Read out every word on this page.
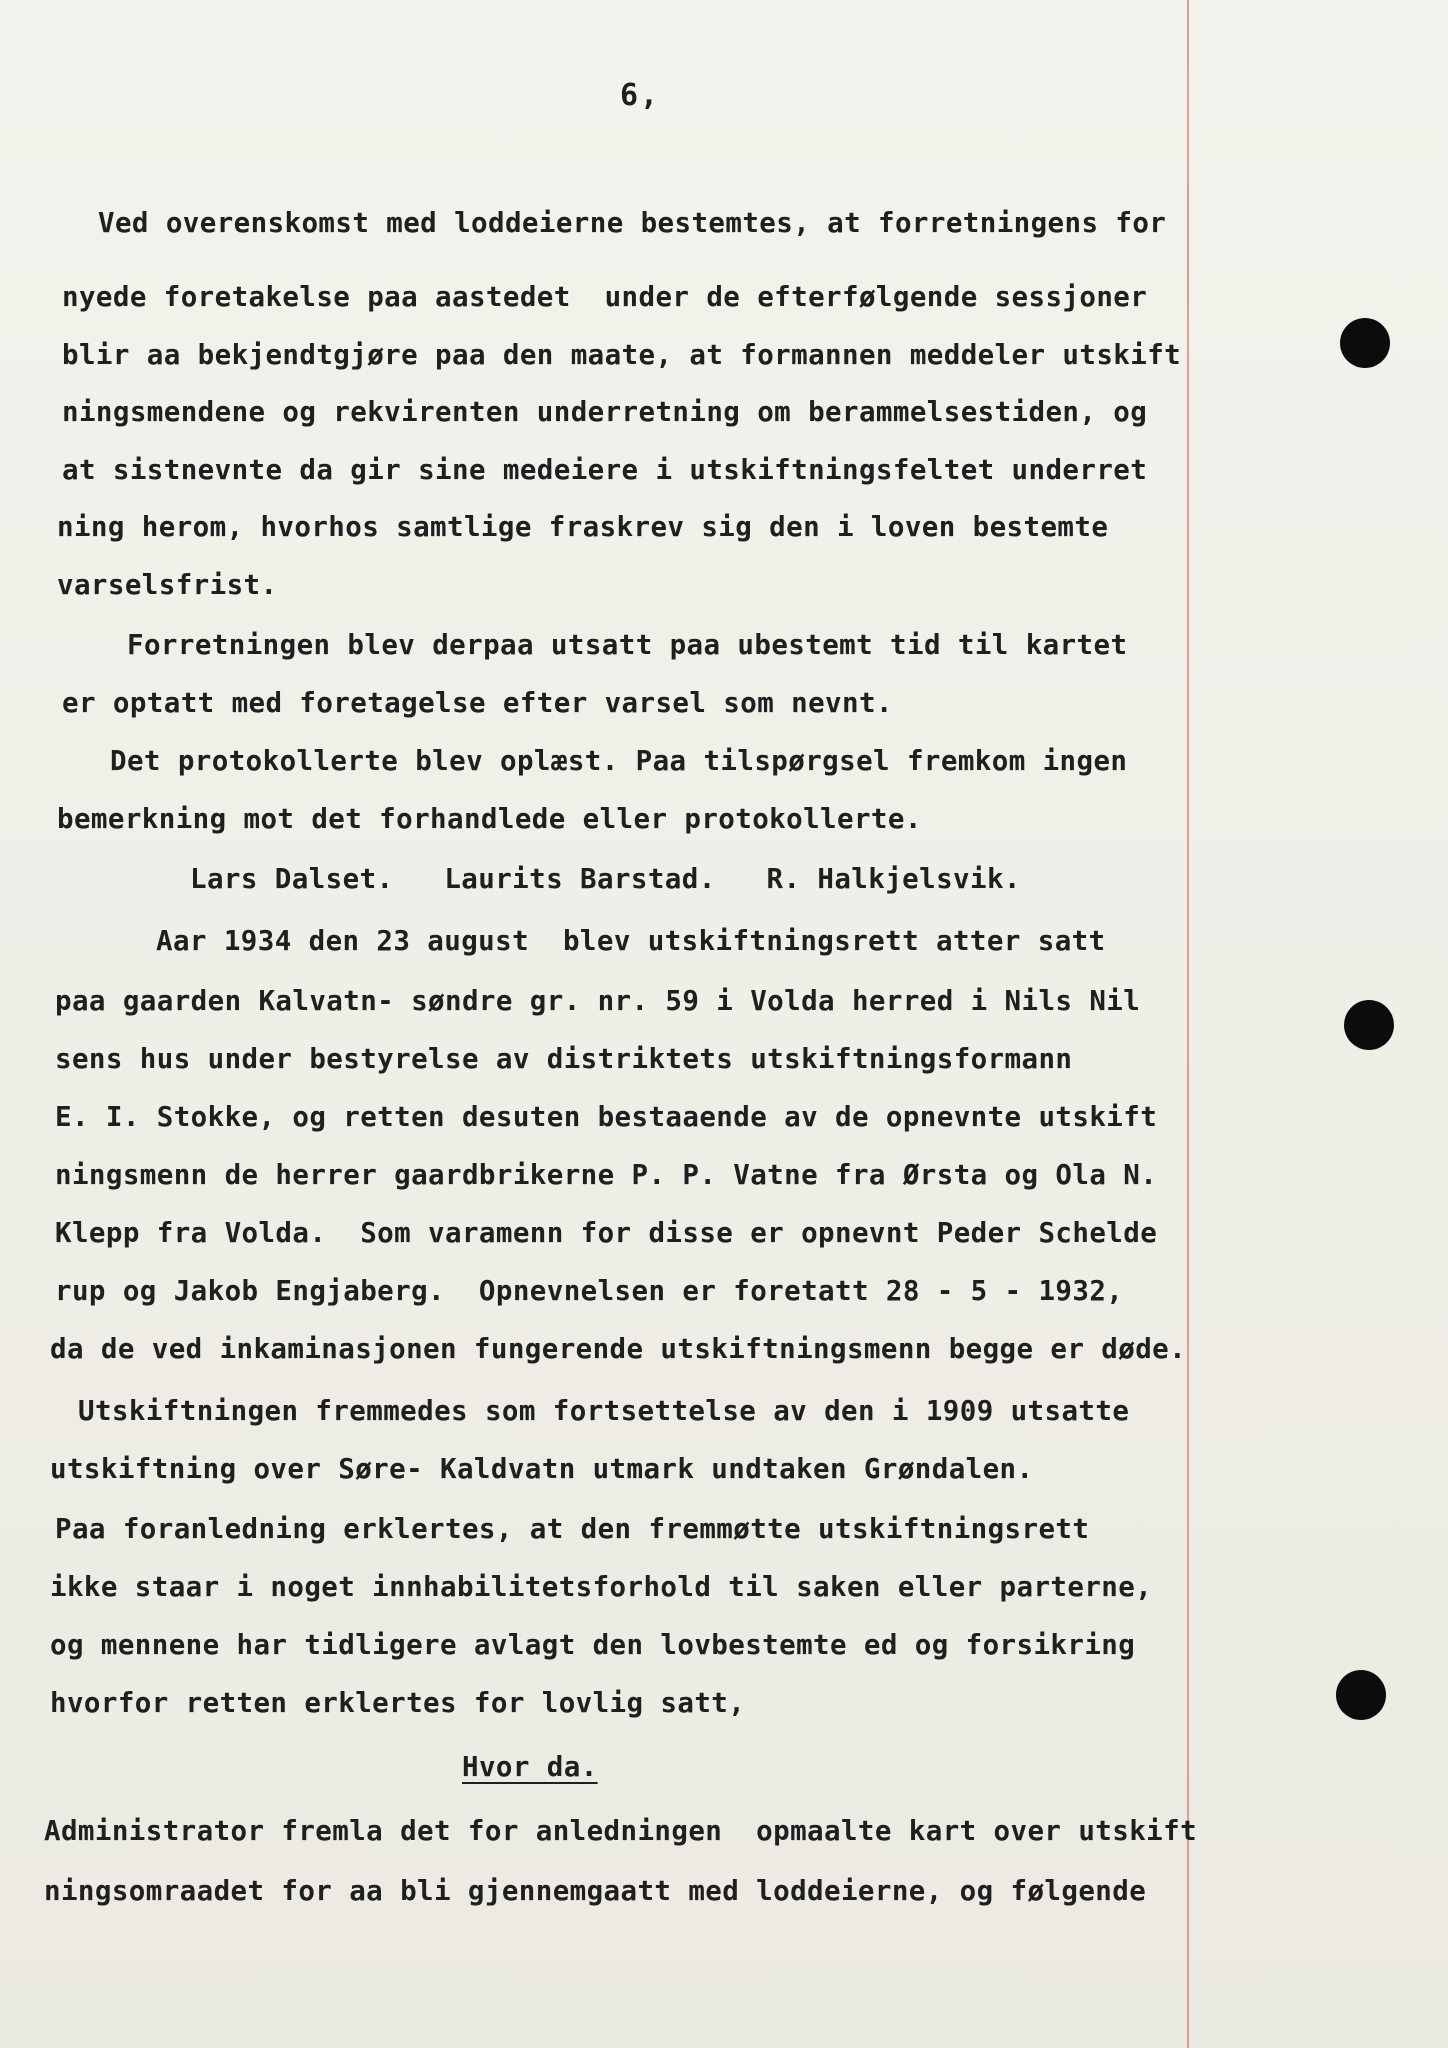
6,
Ved overenskomst med loddeierne bestemtes, at forretningens for
nyede foretakelse paa aastedet  under de efterfølgende sessjoner
blir aa bekjendtgjøre paa den maate, at formannen meddeler utskift
ningsmendene og rekvirenten underretning om berammelsestiden, og
at sistnevnte da gir sine medeiere i utskiftningsfeltet underret
ning herom, hvorhos samtlige fraskrev sig den i loven bestemte
varselsfrist.
Forretningen blev derpaa utsatt paa ubestemt tid til kartet
er optatt med foretagelse efter varsel som nevnt.
Det protokollerte blev oplæst. Paa tilspørgsel fremkom ingen
bemerkning mot det forhandlede eller protokollerte.
Lars Dalset.   Laurits Barstad.   R. Halkjelsvik.
Aar 1934 den 23 august  blev utskiftningsrett atter satt
paa gaarden Kalvatn- søndre gr. nr. 59 i Volda herred i Nils Nil
sens hus under bestyrelse av distriktets utskiftningsformann
E. I. Stokke, og retten desuten bestaaende av de opnevnte utskift
ningsmenn de herrer gaardbrikerne P. P. Vatne fra Ørsta og Ola N.
Klepp fra Volda.  Som varamenn for disse er opnevnt Peder Schelde
rup og Jakob Engjaberg.  Opnevnelsen er foretatt 28 - 5 - 1932,
da de ved inkaminasjonen fungerende utskiftningsmenn begge er døde.
Utskiftningen fremmedes som fortsettelse av den i 1909 utsatte
utskiftning over Søre- Kaldvatn utmark undtaken Grøndalen.
Paa foranledning erklertes, at den fremmøtte utskiftningsrett
ikke staar i noget innhabilitetsforhold til saken eller parterne,
og mennene har tidligere avlagt den lovbestemte ed og forsikring
hvorfor retten erklertes for lovlig satt,
Hvor da.
Administrator fremla det for anledningen  opmaalte kart over utskift
ningsomraadet for aa bli gjennemgaatt med loddeierne, og følgende
